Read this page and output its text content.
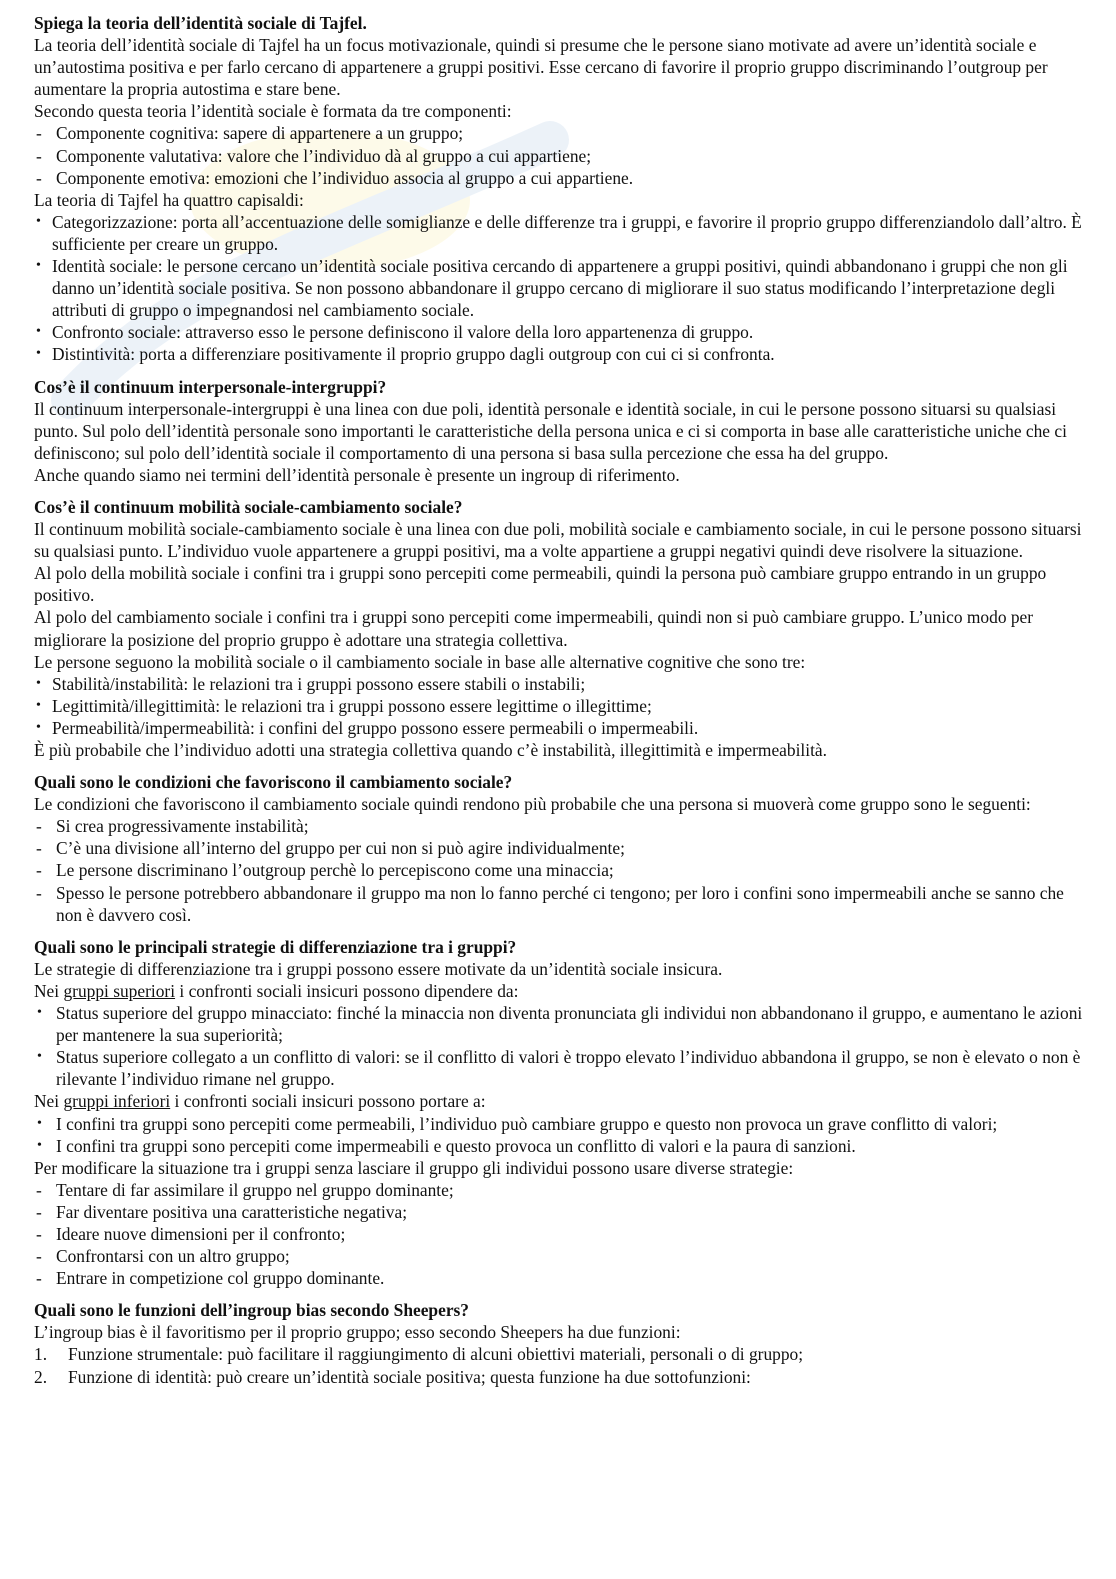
Spiega la teoria dell’identità sociale di Tajfel.

La teoria dell’identità sociale di Tajfel ha un focus motivazionale, quindi si presume che le persone siano motivate ad avere un’identità sociale e un’autostima positiva e per farlo cercano di appartenere a gruppi positivi. Esse cercano di favorire il proprio gruppo discriminando l’outgroup per aumentare la propria autostima e stare bene.

Secondo questa teoria l’identità sociale è formata da tre componenti:

- Componente cognitiva: sapere di appartenere a un gruppo;
- Componente valutativa: valore che l’individuo dà al gruppo a cui appartiene;
- Componente emotiva: emozioni che l’individuo associa al gruppo a cui appartiene.

La teoria di Tajfel ha quattro capisaldi:

• Categorizzazione: porta all’accentuazione delle somiglianze e delle differenze tra i gruppi, e favorire il proprio gruppo differenziandolo dall’altro. È sufficiente per creare un gruppo.
• Identità sociale: le persone cercano un’identità sociale positiva cercando di appartenere a gruppi positivi, quindi abbandonano i gruppi che non gli danno un’identità sociale positiva. Se non possono abbandonare il gruppo cercano di migliorare il suo status modificando l’interpretazione degli attributi di gruppo o impegnandosi nel cambiamento sociale.
• Confronto sociale: attraverso esso le persone definiscono il valore della loro appartenenza di gruppo.
• Distintività: porta a differenziare positivamente il proprio gruppo dagli outgroup con cui ci si confronta.

Cos’è il continuum interpersonale-intergruppi?

Il continuum interpersonale-intergruppi è una linea con due poli, identità personale e identità sociale, in cui le persone possono situarsi su qualsiasi punto. Sul polo dell’identità personale sono importanti le caratteristiche della persona unica e ci si comporta in base alle caratteristiche uniche che ci definiscono; sul polo dell’identità sociale il comportamento di una persona si basa sulla percezione che essa ha del gruppo.

Anche quando siamo nei termini dell’identità personale è presente un ingroup di riferimento.

Cos’è il continuum mobilità sociale-cambiamento sociale?

Il continuum mobilità sociale-cambiamento sociale è una linea con due poli, mobilità sociale e cambiamento sociale, in cui le persone possono situarsi su qualsiasi punto. L’individuo vuole appartenere a gruppi positivi, ma a volte appartiene a gruppi negativi quindi deve risolvere la situazione.

Al polo della mobilità sociale i confini tra i gruppi sono percepiti come permeabili, quindi la persona può cambiare gruppo entrando in un gruppo positivo.

Al polo del cambiamento sociale i confini tra i gruppi sono percepiti come impermeabili, quindi non si può cambiare gruppo. L’unico modo per migliorare la posizione del proprio gruppo è adottare una strategia collettiva.

Le persone seguono la mobilità sociale o il cambiamento sociale in base alle alternative cognitive che sono tre:

• Stabilità/instabilità: le relazioni tra i gruppi possono essere stabili o instabili;
• Legittimità/illegittimità: le relazioni tra i gruppi possono essere legittime o illegittime;
• Permeabilità/impermeabilità: i confini del gruppo possono essere permeabili o impermeabili.

È più probabile che l’individuo adotti una strategia collettiva quando c’è instabilità, illegittimità e impermeabilità.

Quali sono le condizioni che favoriscono il cambiamento sociale?

Le condizioni che favoriscono il cambiamento sociale quindi rendono più probabile che una persona si muoverà come gruppo sono le seguenti:

- Si crea progressivamente instabilità;
- C’è una divisione all’interno del gruppo per cui non si può agire individualmente;
- Le persone discriminano l’outgroup perchè lo percepiscono come una minaccia;
- Spesso le persone potrebbero abbandonare il gruppo ma non lo fanno perché ci tengono; per loro i confini sono impermeabili anche se sanno che non è davvero così.

Quali sono le principali strategie di differenziazione tra i gruppi?

Le strategie di differenziazione tra i gruppi possono essere motivate da un’identità sociale insicura.

Nei gruppi superiori i confronti sociali insicuri possono dipendere da:

• Status superiore del gruppo minacciato: finché la minaccia non diventa pronunciata gli individui non abbandonano il gruppo, e aumentano le azioni per mantenere la sua superiorità;
• Status superiore collegato a un conflitto di valori: se il conflitto di valori è troppo elevato l’individuo abbandona il gruppo, se non è elevato o non è rilevante l’individuo rimane nel gruppo.

Nei gruppi inferiori i confronti sociali insicuri possono portare a:

• I confini tra gruppi sono percepiti come permeabili, l’individuo può cambiare gruppo e questo non provoca un grave conflitto di valori;
• I confini tra gruppi sono percepiti come impermeabili e questo provoca un conflitto di valori e la paura di sanzioni.

Per modificare la situazione tra i gruppi senza lasciare il gruppo gli individui possono usare diverse strategie:

- Tentare di far assimilare il gruppo nel gruppo dominante;
- Far diventare positiva una caratteristiche negativa;
- Ideare nuove dimensioni per il confronto;
- Confrontarsi con un altro gruppo;
- Entrare in competizione col gruppo dominante.

Quali sono le funzioni dell’ingroup bias secondo Sheepers?

L’ingroup bias è il favoritismo per il proprio gruppo; esso secondo Sheepers ha due funzioni:

1. Funzione strumentale: può facilitare il raggiungimento di alcuni obiettivi materiali, personali o di gruppo;
2. Funzione di identità: può creare un’identità sociale positiva; questa funzione ha due sottofunzioni:
